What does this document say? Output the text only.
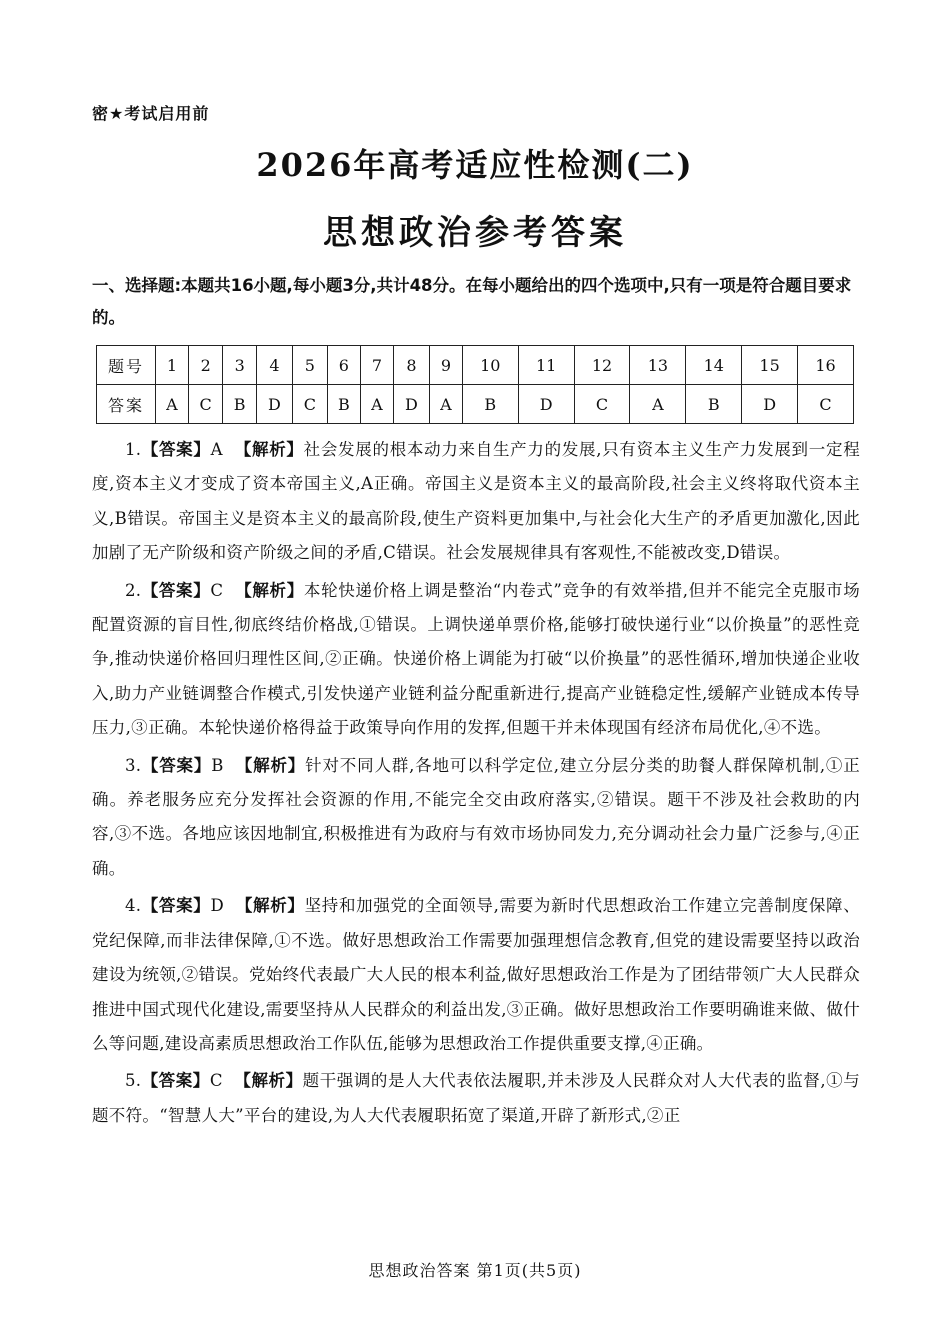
密★考试启用前
2026年高考适应性检测(二)
思想政治参考答案
一、选择题:本题共16小题,每小题3分,共计48分。在每小题给出的四个选项中,只有一项是符合题目要求的。
题号	1	2	3	4	5	6	7	8	9	10	11	12	13	14	15	16
答案	A	C	B	D	C	B	A	D	A	B	D	C	A	B	D	C

1.【答案】A 【解析】社会发展的根本动力来自生产力的发展,只有资本主义生产力发展到一定程度,资本主义才变成了资本帝国主义,A正确。帝国主义是资本主义的最高阶段,社会主义终将取代资本主义,B错误。帝国主义是资本主义的最高阶段,使生产资料更加集中,与社会化大生产的矛盾更加激化,因此加剧了无产阶级和资产阶级之间的矛盾,C错误。社会发展规律具有客观性,不能被改变,D错误。

2.【答案】C 【解析】本轮快递价格上调是整治“内卷式”竞争的有效举措,但并不能完全克服市场配置资源的盲目性,彻底终结价格战,①错误。上调快递单票价格,能够打破快递行业“以价换量”的恶性竞争,推动快递价格回归理性区间,②正确。快递价格上调能为打破“以价换量”的恶性循环,增加快递企业收入,助力产业链调整合作模式,引发快递产业链利益分配重新进行,提高产业链稳定性,缓解产业链成本传导压力,③正确。本轮快递价格得益于政策导向作用的发挥,但题干并未体现国有经济布局优化,④不选。

3.【答案】B 【解析】针对不同人群,各地可以科学定位,建立分层分类的助餐人群保障机制,①正确。养老服务应充分发挥社会资源的作用,不能完全交由政府落实,②错误。题干不涉及社会救助的内容,③不选。各地应该因地制宜,积极推进有为政府与有效市场协同发力,充分调动社会力量广泛参与,④正确。

4.【答案】D 【解析】坚持和加强党的全面领导,需要为新时代思想政治工作建立完善制度保障、党纪保障,而非法律保障,①不选。做好思想政治工作需要加强理想信念教育,但党的建设需要坚持以政治建设为统领,②错误。党始终代表最广大人民的根本利益,做好思想政治工作是为了团结带领广大人民群众推进中国式现代化建设,需要坚持从人民群众的利益出发,③正确。做好思想政治工作要明确谁来做、做什么等问题,建设高素质思想政治工作队伍,能够为思想政治工作提供重要支撑,④正确。

5.【答案】C 【解析】题干强调的是人大代表依法履职,并未涉及人民群众对人大代表的监督,①与题不符。“智慧人大”平台的建设,为人大代表履职拓宽了渠道,开辟了新形式,②正

思想政治答案 第1页(共5页)
